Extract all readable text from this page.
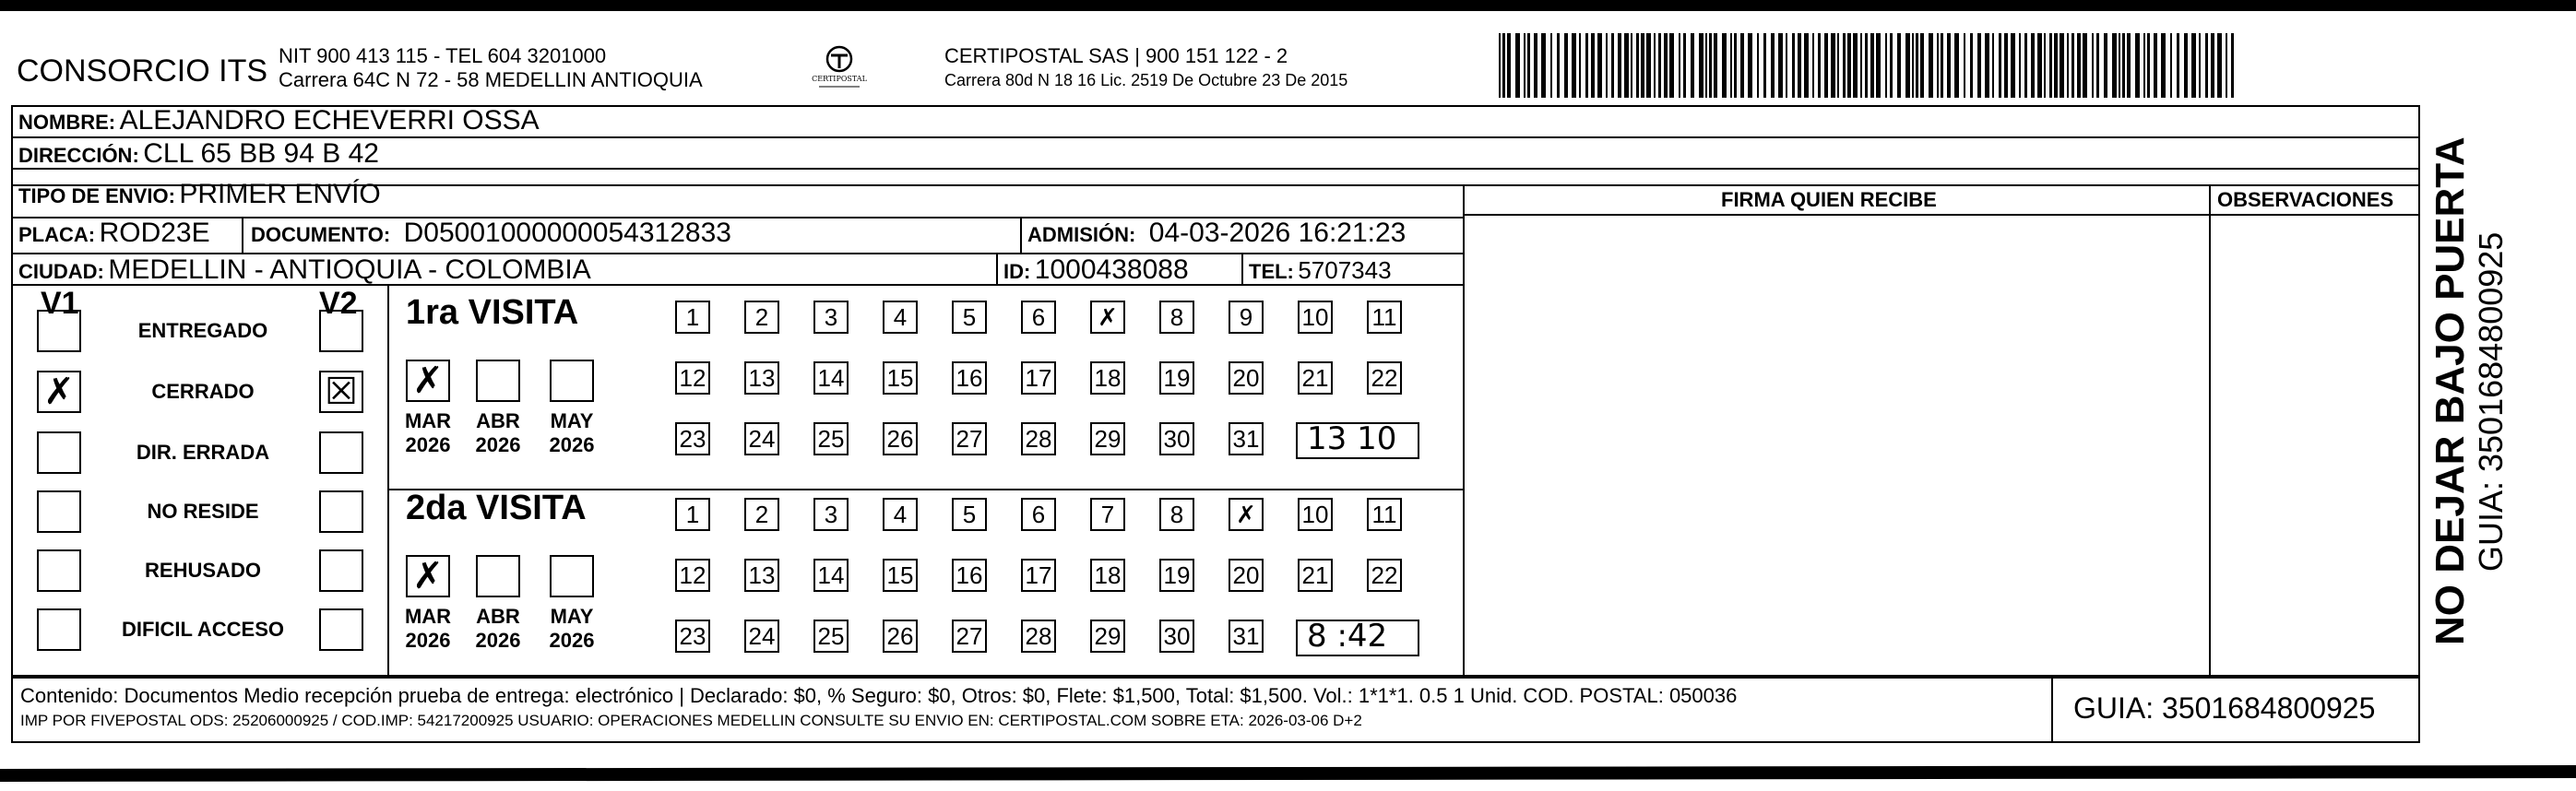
CONSORCIO ITS NIT 900 413 115 - TEL 604 3201000
Carrera 64C N 72 - 58 MEDELLIN ANTIOQUIA	CERTIPOSTAL
CERTIPOSTAL SAS | 900 151 122 - 2
Carrera 80d N 18 16 Lic. 2519 De Octubre 23 De 2015
NOMBRE: ALEJANDRO ECHEVERRI OSSA
DIRECCIÓN: CLL 65 BB 94 B 42
TIPO DE ENVIO: PRIMER ENVÍO	FIRMA QUIEN RECIBE	OBSERVACIONES
PLACA: ROD23E DOCUMENTO: D05001000000054312833	ADMISIÓN: 04-03-2026 16:21:23
CIUDAD: MEDELLIN - ANTIOQUIA - COLOMBIA	ID: 1000438088	TEL: 5707343
V1	V2
ENTREGADO
✗	CERRADO	☒
DIR. ERRADA
NO RESIDE
REHUSADO
DIFICIL ACCESO
1ra VISITA
2da VISITA
✗
MAR
2026
ABR
2026
MAY
2026
✗
MAR
2026
ABR
2026
MAY
2026
1	2	3	4	5	6	✗	8	9	10 11
12 13 14 15 16 17 18 19 20 21 22
23 24 25 26 27 28 29 30 31 13 10
1	2	3	4	5	6	7	8	✗	10 11
12 13 14 15 16 17 18 19 20 21 22
23 24 25 26 27 28 29 30 31 8 :42
Contenido: Documentos Medio recepción prueba de entrega: electrónico | Declarado: $0, % Seguro: $0, Otros: $0, Flete: $1,500, Total: $1,500. Vol.: 1*1*1. 0.5 1 Unid. COD. POSTAL: 050036
IMP POR FIVEPOSTAL ODS: 25206000925 / COD.IMP: 54217200925 USUARIO: OPERACIONES MEDELLIN CONSULTE SU ENVIO EN: CERTIPOSTAL.COM SOBRE ETA: 2026-03-06 D+2	GUIA: 3501684800925
NO DEJAR BAJO PUERTA GUIA: 3501684800925
